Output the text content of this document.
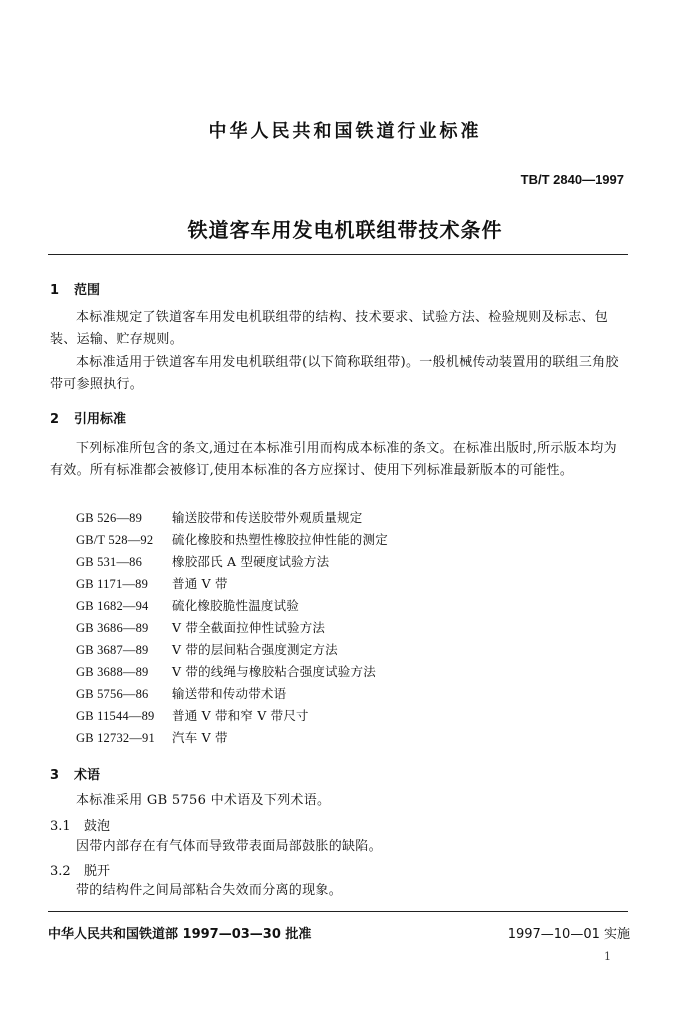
中华人民共和国铁道行业标准
TB/T 2840—1997
铁道客车用发电机联组带技术条件
1 范围
本标准规定了铁道客车用发电机联组带的结构、技术要求、试验方法、检验规则及标志、包装、运输、贮存规则。
本标准适用于铁道客车用发电机联组带(以下简称联组带)。一般机械传动装置用的联组三角胶带可参照执行。
2 引用标准
下列标准所包含的条文,通过在本标准引用而构成本标准的条文。在标准出版时,所示版本均为有效。所有标准都会被修订,使用本标准的各方应探讨、使用下列标准最新版本的可能性。
GB 526—89 输送胶带和传送胶带外观质量规定
GB/T 528—92 硫化橡胶和热塑性橡胶拉伸性能的测定
GB 531—86 橡胶邵氏 A 型硬度试验方法
GB 1171—89 普通 V 带
GB 1682—94 硫化橡胶脆性温度试验
GB 3686—89 V 带全截面拉伸性试验方法
GB 3687—89 V 带的层间粘合强度测定方法
GB 3688—89 V 带的线绳与橡胶粘合强度试验方法
GB 5756—86 输送带和传动带术语
GB 11544—89 普通 V 带和窄 V 带尺寸
GB 12732—91 汽车 V 带
3 术语
本标准采用 GB 5756 中术语及下列术语。
3.1 鼓泡
因带内部存在有气体而导致带表面局部鼓胀的缺陷。
3.2 脱开
带的结构件之间局部粘合失效而分离的现象。
中华人民共和国铁道部 1997—03—30 批准	1997—10—01 实施
1
